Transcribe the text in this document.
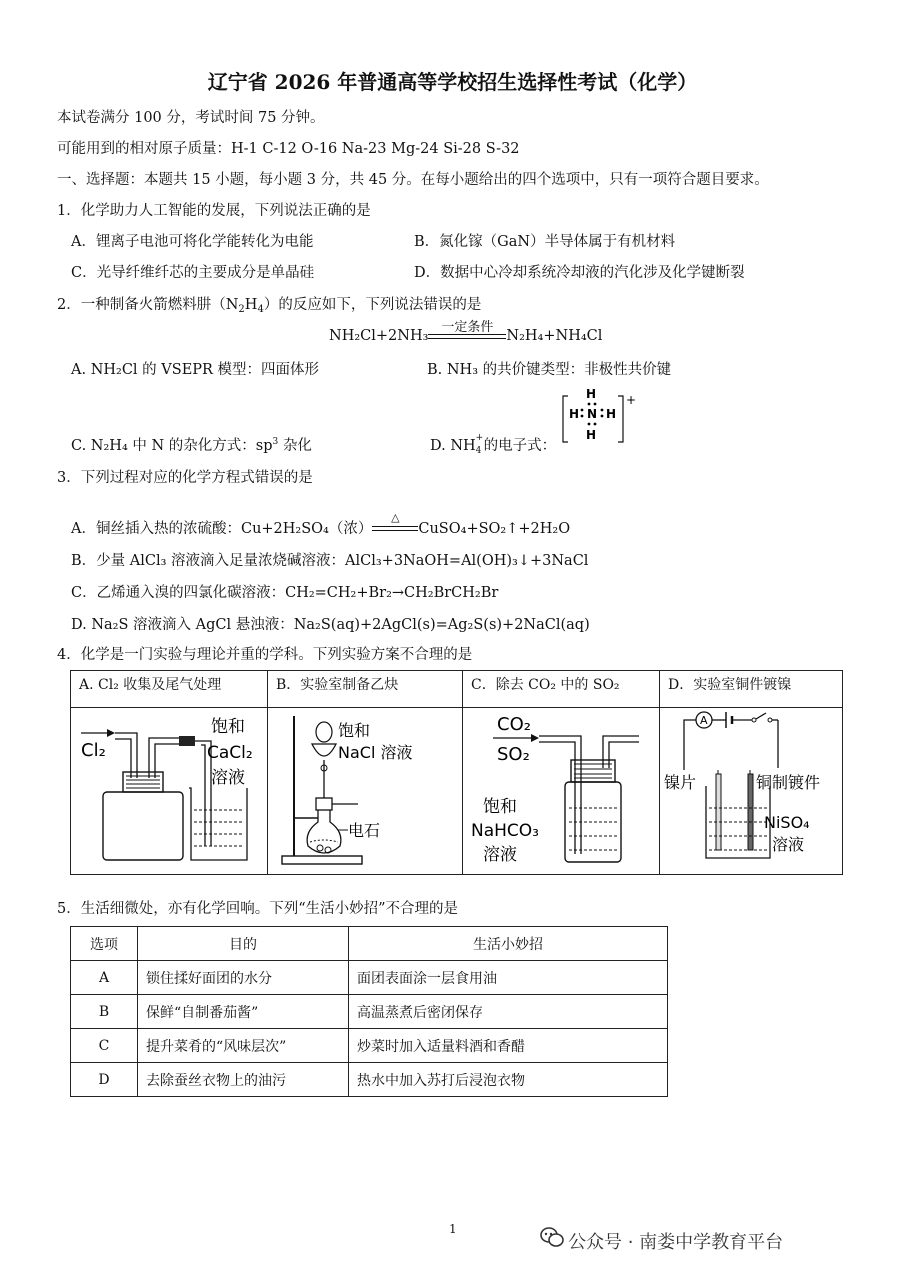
辽宁省 2026 年普通高等学校招生选择性考试（化学）
本试卷满分 100 分，考试时间 75 分钟。
可能用到的相对原子质量：H-1 C-12 O-16 Na-23 Mg-24 Si-28 S-32
一、选择题：本题共 15 小题，每小题 3 分，共 45 分。在每小题给出的四个选项中，只有一项符合题目要求。
1．化学助力人工智能的发展，下列说法正确的是
A．锂离子电池可将化学能转化为电能	B．氮化镓（GaN）半导体属于有机材料
C．光导纤维纤芯的主要成分是单晶硅	D．数据中心冷却系统冷却液的汽化涉及化学键断裂
2．一种制备火箭燃料肼$(N_2H_4)$的反应如下，下列说法错误的是
NH₂Cl+2NH₃
一定条件
N₂H₄+NH₄Cl
A. NH₂Cl 的 VSEPR 模型：四面体形	B. NH₃ 的共价键类型：非极性共价键
C. N₂H₄ 中 N 的杂化方式：$sp^3$ 杂化	D. NH +
4 的电子式：
H
H N H
H
+
3．下列过程对应的化学方程式错误的是
A．铜丝插入热的浓硫酸：Cu+2H₂SO₄（浓）
△
CuSO₄+SO₂↑+2H₂O
B．少量 AlCl₃ 溶液滴入足量浓烧碱溶液：AlCl₃+3NaOH=Al(OH)₃↓+3NaCl
C．乙烯通入溴的四氯化碳溶液：CH₂=CH₂+Br₂→CH₂BrCH₂Br
D. Na₂S 溶液滴入 AgCl 悬浊液：Na₂S(aq)+2AgCl(s)=Ag₂S(s)+2NaCl(aq)
4．化学是一门实验与理论并重的学科。下列实验方案不合理的是
A. Cl₂ 收集及尾气处理	B．实验室制备乙炔	C．除去 CO₂ 中的 SO₂	D．实验室铜件镀镍

Cl₂
饱和
CaCl₂
溶液	饱和
NaCl 溶液
电石	CO₂
SO₂
饱和
NaHCO₃
溶液	A
镍片 铜制镀件
NiSO₄
溶液
5．生活细微处，亦有化学回响。下列“生活小妙招”不合理的是
选项	目的	生活小妙招
A	锁住揉好面团的水分	面团表面涂一层食用油
B	保鲜“自制番茄酱”	高温蒸煮后密闭保存
C	提升菜肴的“风味层次”	炒菜时加入适量料酒和香醋
D	去除蚕丝衣物上的油污	热水中加入苏打后浸泡衣物
1
公众号 · 南娄中学教育平台
